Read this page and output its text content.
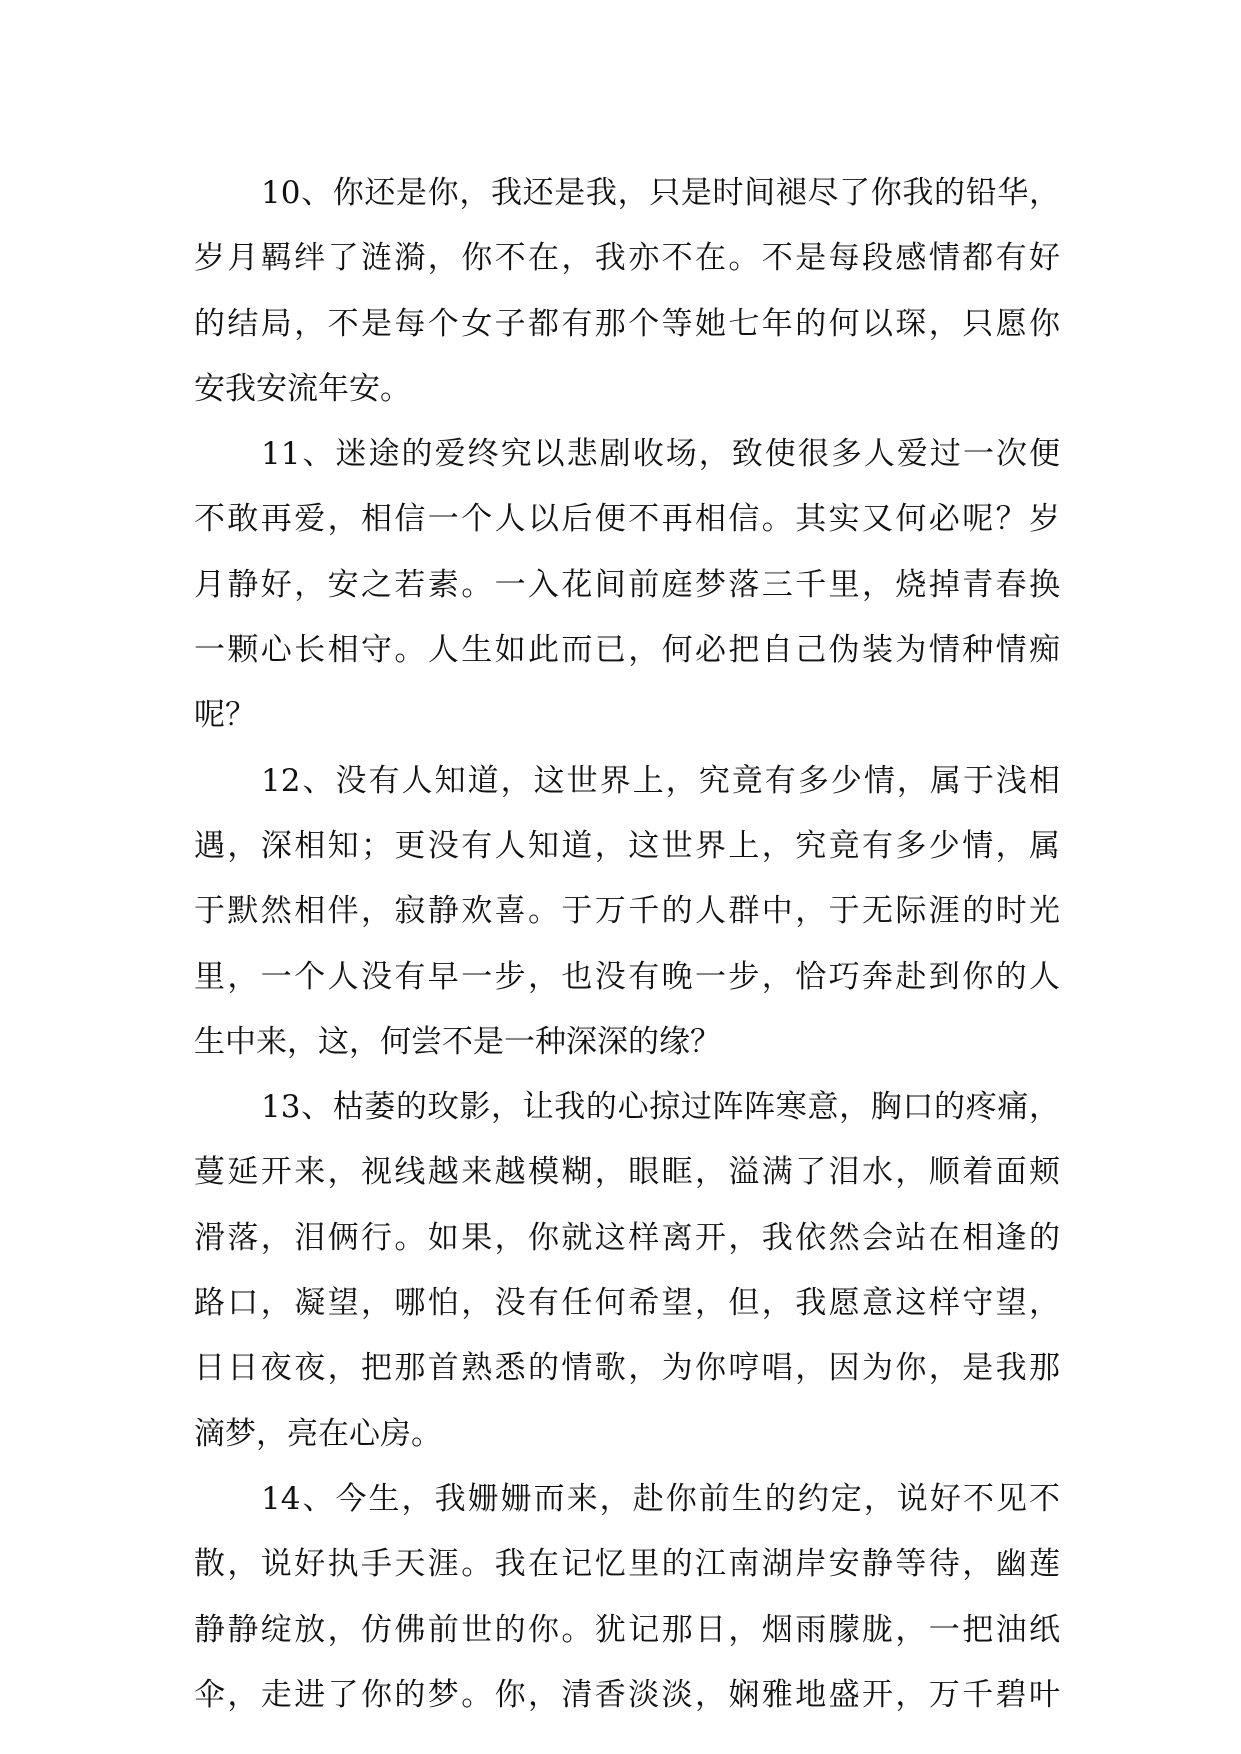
10、你还是你，我还是我，只是时间褪尽了你我的铅华，
岁月羁绊了涟漪，你不在，我亦不在。不是每段感情都有好
的结局，不是每个女子都有那个等她七年的何以琛，只愿你
安我安流年安。
11、迷途的爱终究以悲剧收场，致使很多人爱过一次便
不敢再爱，相信一个人以后便不再相信。其实又何必呢？岁
月静好，安之若素。一入花间前庭梦落三千里，烧掉青春换
一颗心长相守。人生如此而已，何必把自己伪装为情种情痴
呢？
12、没有人知道，这世界上，究竟有多少情，属于浅相
遇，深相知；更没有人知道，这世界上，究竟有多少情，属
于默然相伴，寂静欢喜。于万千的人群中，于无际涯的时光
里，一个人没有早一步，也没有晚一步，恰巧奔赴到你的人
生中来，这，何尝不是一种深深的缘？
13、枯萎的玫影，让我的心掠过阵阵寒意，胸口的疼痛，
蔓延开来，视线越来越模糊，眼眶，溢满了泪水，顺着面颊
滑落，泪俩行。如果，你就这样离开，我依然会站在相逢的
路口，凝望，哪怕，没有任何希望，但，我愿意这样守望，
日日夜夜，把那首熟悉的情歌，为你哼唱，因为你，是我那
滴梦，亮在心房。
14、今生，我姗姗而来，赴你前生的约定，说好不见不
散，说好执手天涯。我在记忆里的江南湖岸安静等待，幽莲
静静绽放，仿佛前世的你。犹记那日，烟雨朦胧，一把油纸
伞，走进了你的梦。你，清香淡淡，娴雅地盛开，万千碧叶
